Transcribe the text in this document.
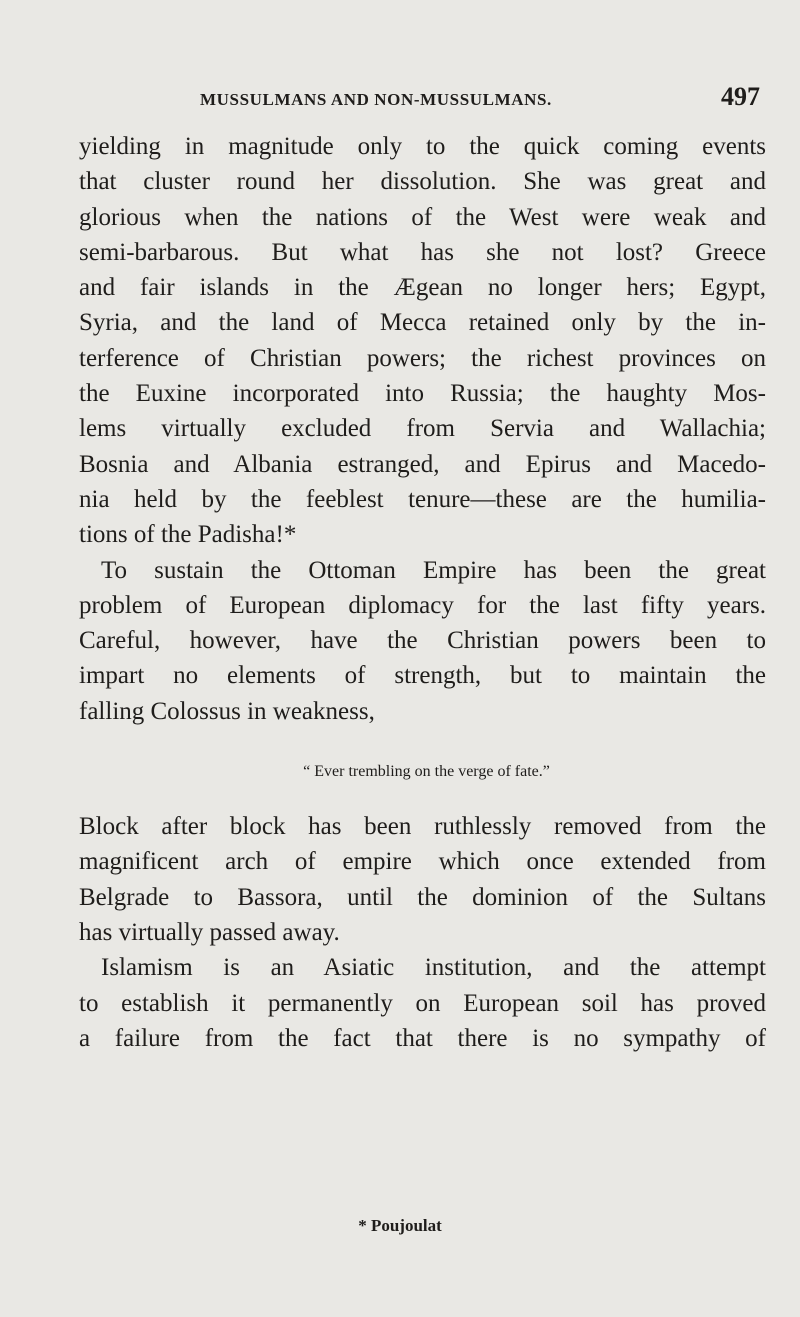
MUSSULMANS AND NON-MUSSULMANS.	497
yielding in magnitude only to the quick coming events
that cluster round her dissolution. She was great and
glorious when the nations of the West were weak and
semi-barbarous. But what has she not lost? Greece
and fair islands in the Ægean no longer hers; Egypt,
Syria, and the land of Mecca retained only by the in-
terference of Christian powers; the richest provinces on
the Euxine incorporated into Russia; the haughty Mos-
lems virtually excluded from Servia and Wallachia;
Bosnia and Albania estranged, and Epirus and Macedo-
nia held by the feeblest tenure—these are the humilia-
tions of the Padisha!*
To sustain the Ottoman Empire has been the great
problem of European diplomacy for the last fifty years.
Careful, however, have the Christian powers been to
impart no elements of strength, but to maintain the
falling Colossus in weakness,
“ Ever trembling on the verge of fate.”
Block after block has been ruthlessly removed from the
magnificent arch of empire which once extended from
Belgrade to Bassora, until the dominion of the Sultans
has virtually passed away.
Islamism is an Asiatic institution, and the attempt
to establish it permanently on European soil has proved
a failure from the fact that there is no sympathy of
* Poujoulat
